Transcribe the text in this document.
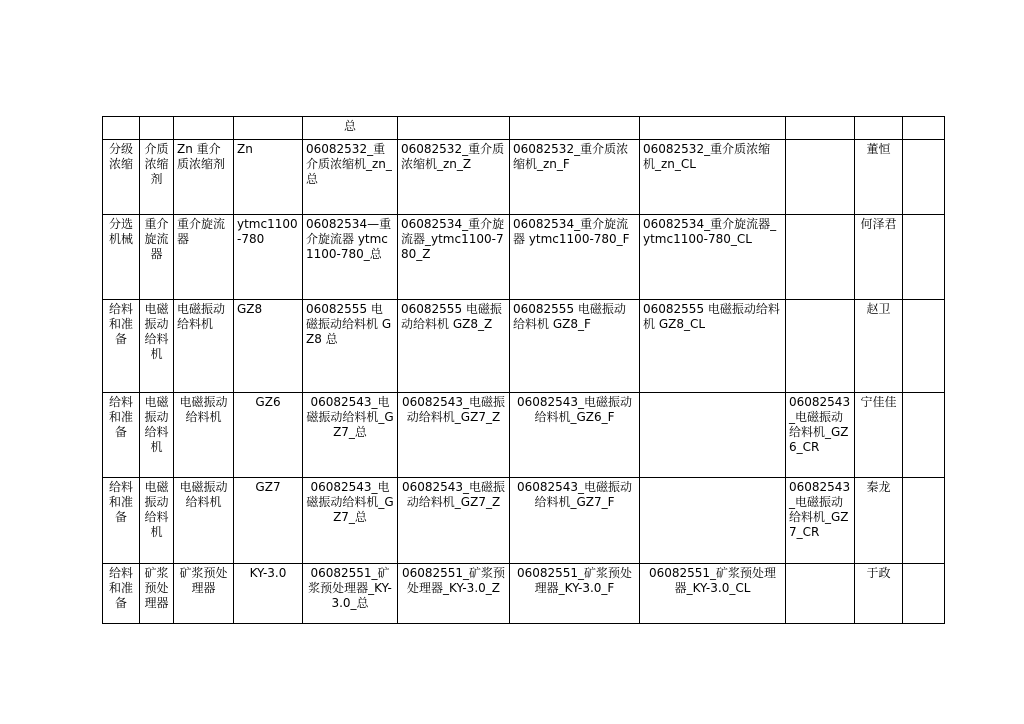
				总						
分级浓缩	介质浓缩剂	Zn 重介质浓缩剂	Zn	06082532_重介质浓缩机_zn_总	06082532_重介质浓缩机_zn_Z	06082532_重介质浓缩机_zn_F	06082532_重介质浓缩机_zn_CL		董恒	
分选机械	重介旋流器	重介旋流器	ytmc1100-780	06082534—重介旋流器 ytmc1100-780_总	06082534_重介旋流器_ytmc1100-780_Z	06082534_重介旋流器 ytmc1100-780_F	06082534_重介旋流器_ytmc1100-780_CL		何泽君	
给料和准备	电磁振动给料机	电磁振动给料机	GZ8	06082555 电磁振动给料机 GZ8 总	06082555 电磁振动给料机 GZ8_Z	06082555 电磁振动给料机 GZ8_F	06082555 电磁振动给料机 GZ8_CL		赵卫	
给料和准备	电磁振动给料机	电磁振动给料机	GZ6	06082543_电磁振动给料机_GZ7_总	06082543_电磁振动给料机_GZ7_Z	06082543_电磁振动给料机_GZ6_F		06082543_电磁振动给料机_GZ6_CR	宁佳佳	
给料和准备	电磁振动给料机	电磁振动给料机	GZ7	06082543_电磁振动给料机_GZ7_总	06082543_电磁振动给料机_GZ7_Z	06082543_电磁振动给料机_GZ7_F		06082543_电磁振动给料机_GZ7_CR	秦龙	
给料和准备	矿浆预处理器	矿浆预处理器	KY-3.0	06082551_矿浆预处理器_KY-3.0_总	06082551_矿浆预处理器_KY-3.0_Z	06082551_矿浆预处理器_KY-3.0_F	06082551_矿浆预处理器_KY-3.0_CL		于政	
